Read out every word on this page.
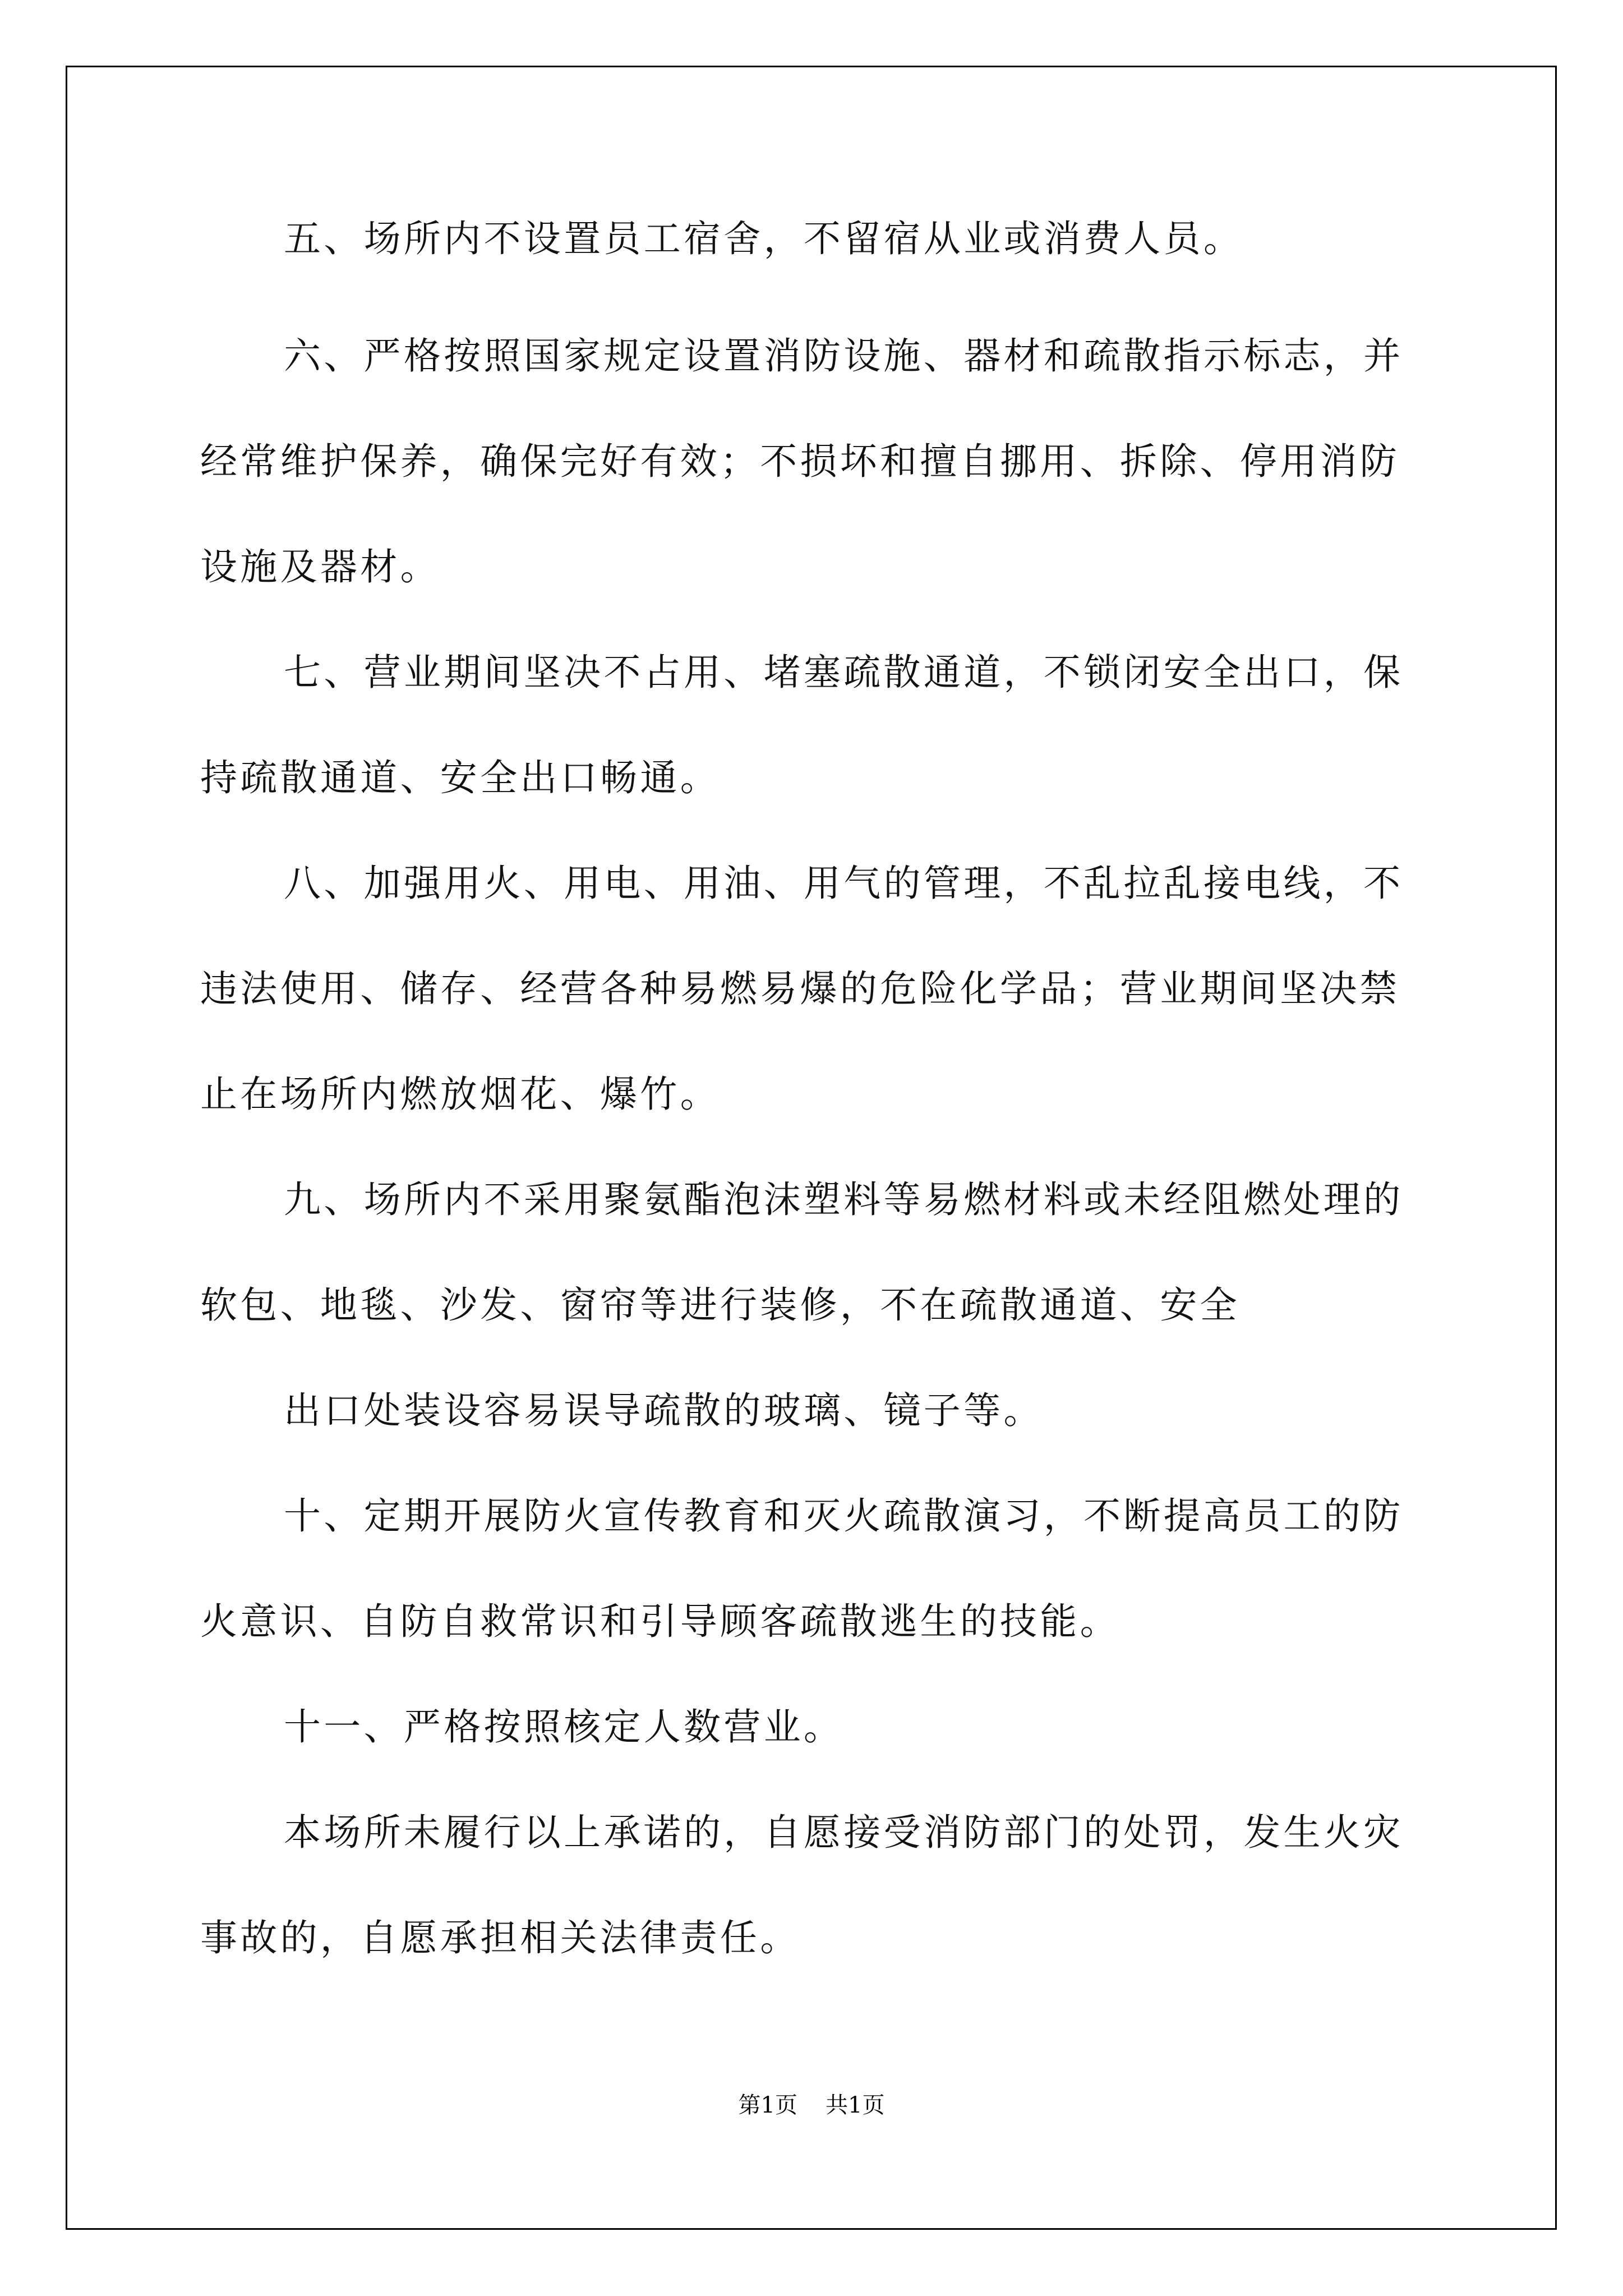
五、场所内不设置员工宿舍，不留宿从业或消费人员。
六、严格按照国家规定设置消防设施、器材和疏散指示标志，并
经常维护保养，确保完好有效；不损坏和擅自挪用、拆除、停用消防
设施及器材。
七、营业期间坚决不占用、堵塞疏散通道，不锁闭安全出口，保
持疏散通道、安全出口畅通。
八、加强用火、用电、用油、用气的管理，不乱拉乱接电线，不
违法使用、储存、经营各种易燃易爆的危险化学品；营业期间坚决禁
止在场所内燃放烟花、爆竹。
九、场所内不采用聚氨酯泡沫塑料等易燃材料或未经阻燃处理的
软包、地毯、沙发、窗帘等进行装修，不在疏散通道、安全
出口处装设容易误导疏散的玻璃、镜子等。
十、定期开展防火宣传教育和灭火疏散演习，不断提高员工的防
火意识、自防自救常识和引导顾客疏散逃生的技能。
十一、严格按照核定人数营业。
本场所未履行以上承诺的，自愿接受消防部门的处罚，发生火灾
事故的，自愿承担相关法律责任。
第1页 共1页
